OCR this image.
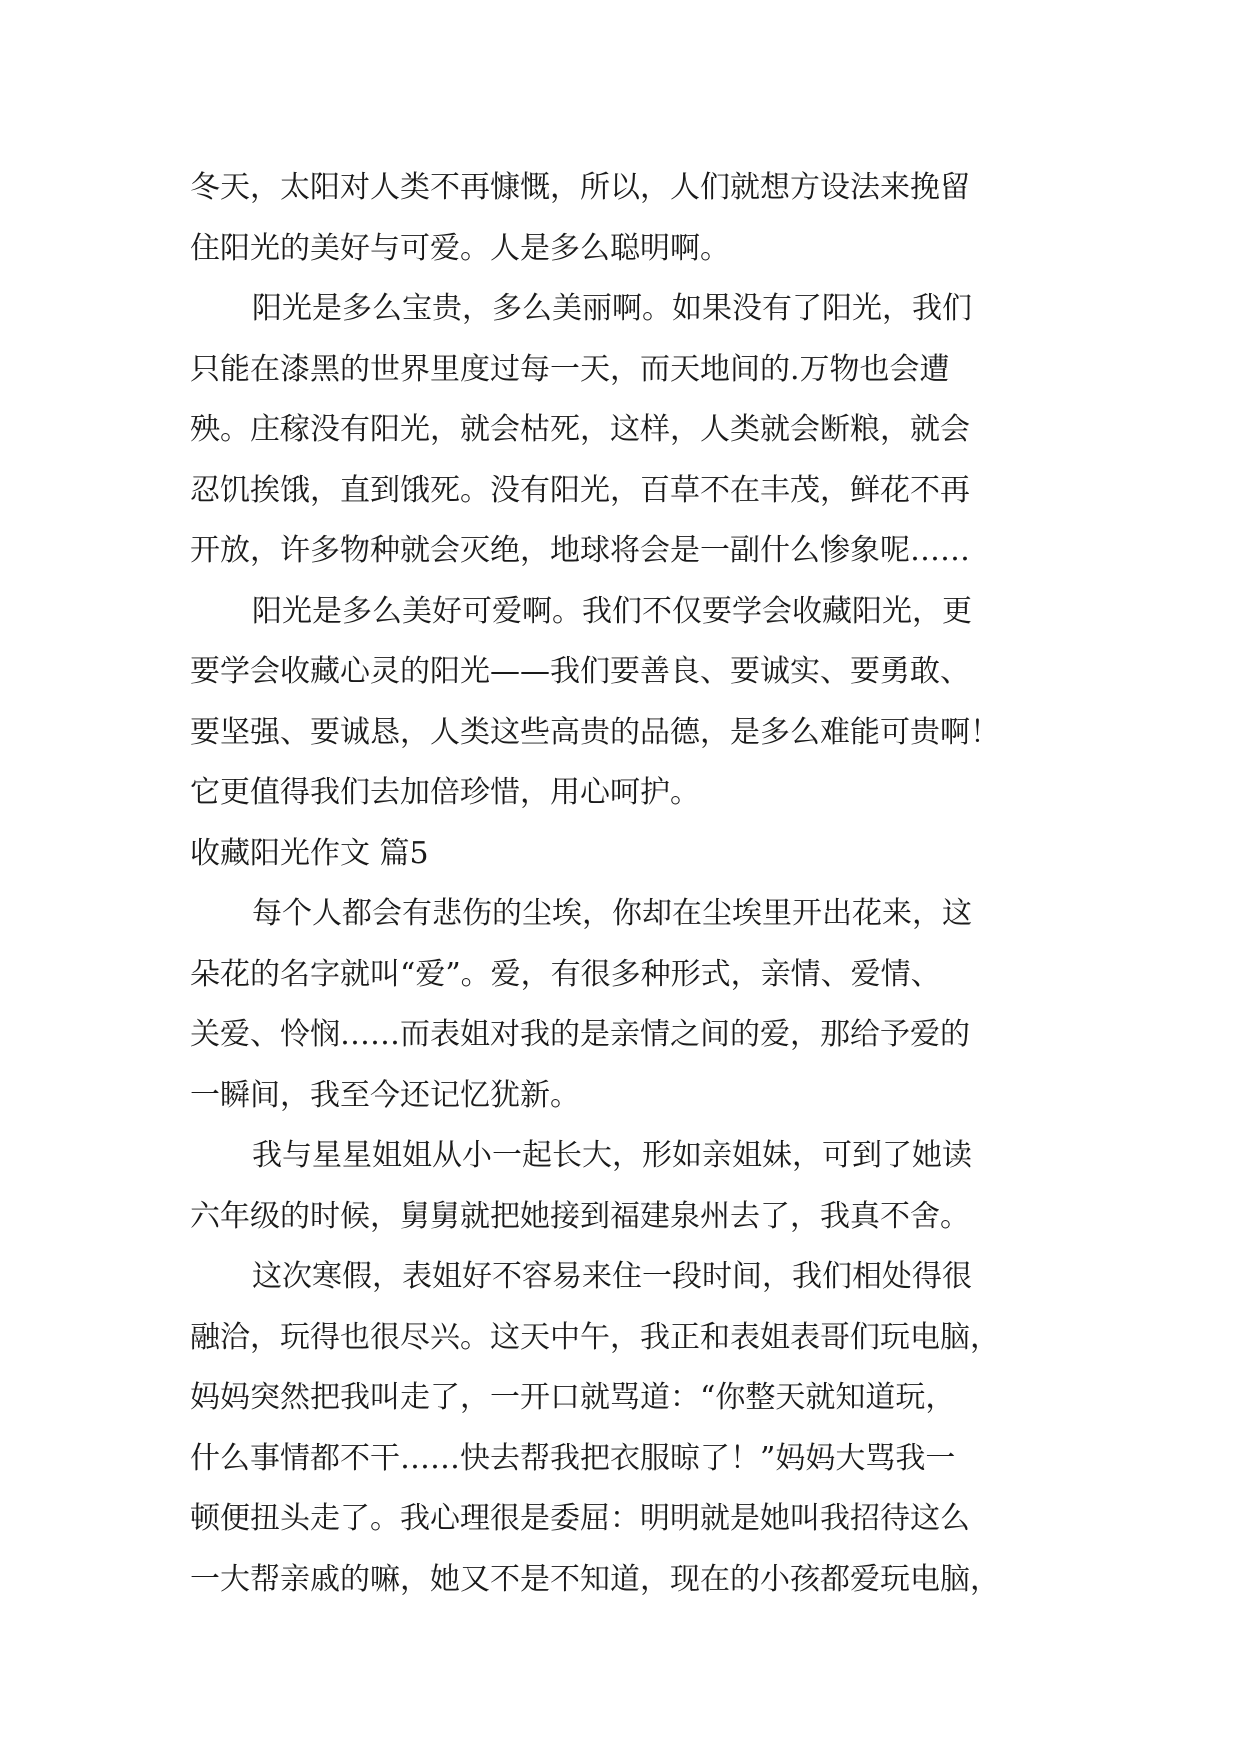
冬天，太阳对人类不再慷慨，所以，人们就想方设法来挽留
住阳光的美好与可爱。人是多么聪明啊。
阳光是多么宝贵，多么美丽啊。如果没有了阳光，我们
只能在漆黑的世界里度过每一天，而天地间的.万物也会遭
殃。庄稼没有阳光，就会枯死，这样，人类就会断粮，就会
忍饥挨饿，直到饿死。没有阳光，百草不在丰茂，鲜花不再
开放，许多物种就会灭绝，地球将会是一副什么惨象呢……
阳光是多么美好可爱啊。我们不仅要学会收藏阳光，更
要学会收藏心灵的阳光——我们要善良、要诚实、要勇敢、
要坚强、要诚恳，人类这些高贵的品德，是多么难能可贵啊！
它更值得我们去加倍珍惜，用心呵护。
收藏阳光作文 篇5
每个人都会有悲伤的尘埃，你却在尘埃里开出花来，这
朵花的名字就叫“爱”。爱，有很多种形式，亲情、爱情、
关爱、怜悯……而表姐对我的是亲情之间的爱，那给予爱的
一瞬间，我至今还记忆犹新。
我与星星姐姐从小一起长大，形如亲姐妹，可到了她读
六年级的时候，舅舅就把她接到福建泉州去了，我真不舍。
这次寒假，表姐好不容易来住一段时间，我们相处得很
融洽，玩得也很尽兴。这天中午，我正和表姐表哥们玩电脑，
妈妈突然把我叫走了，一开口就骂道：“你整天就知道玩，
什么事情都不干……快去帮我把衣服晾了！”妈妈大骂我一
顿便扭头走了。我心理很是委屈：明明就是她叫我招待这么
一大帮亲戚的嘛，她又不是不知道，现在的小孩都爱玩电脑，
